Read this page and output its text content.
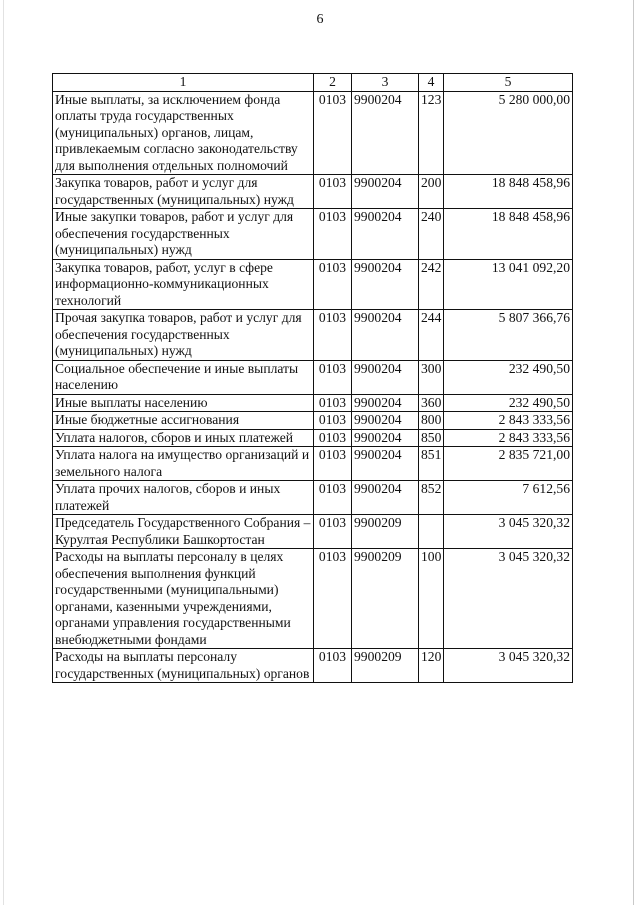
6
1	2	3	4	5
Иные выплаты, за исключением фонда оплаты труда государственных (муниципальных) органов, лицам, привлекаемым согласно законодательству для выполнения отдельных полномочий	0103	9900204	123	5 280 000,00
Закупка товаров, работ и услуг для государственных (муниципальных) нужд	0103	9900204	200	18 848 458,96
Иные закупки товаров, работ и услуг для обеспечения государственных (муниципальных) нужд	0103	9900204	240	18 848 458,96
Закупка товаров, работ, услуг в сфере информационно-коммуникационных технологий	0103	9900204	242	13 041 092,20
Прочая закупка товаров, работ и услуг для обеспечения государственных (муниципальных) нужд	0103	9900204	244	5 807 366,76
Социальное обеспечение и иные выплаты населению	0103	9900204	300	232 490,50
Иные выплаты населению	0103	9900204	360	232 490,50
Иные бюджетные ассигнования	0103	9900204	800	2 843 333,56
Уплата налогов, сборов и иных платежей	0103	9900204	850	2 843 333,56
Уплата налога на имущество организаций и земельного налога	0103	9900204	851	2 835 721,00
Уплата прочих налогов, сборов и иных платежей	0103	9900204	852	7 612,56
Председатель Государственного Собрания – Курултая Республики Башкортостан	0103	9900209		3 045 320,32
Расходы на выплаты персоналу в целях обеспечения выполнения функций государственными (муниципальными) органами, казенными учреждениями, органами управления государственными внебюджетными фондами	0103	9900209	100	3 045 320,32
Расходы на выплаты персоналу государственных (муниципальных) органов	0103	9900209	120	3 045 320,32
